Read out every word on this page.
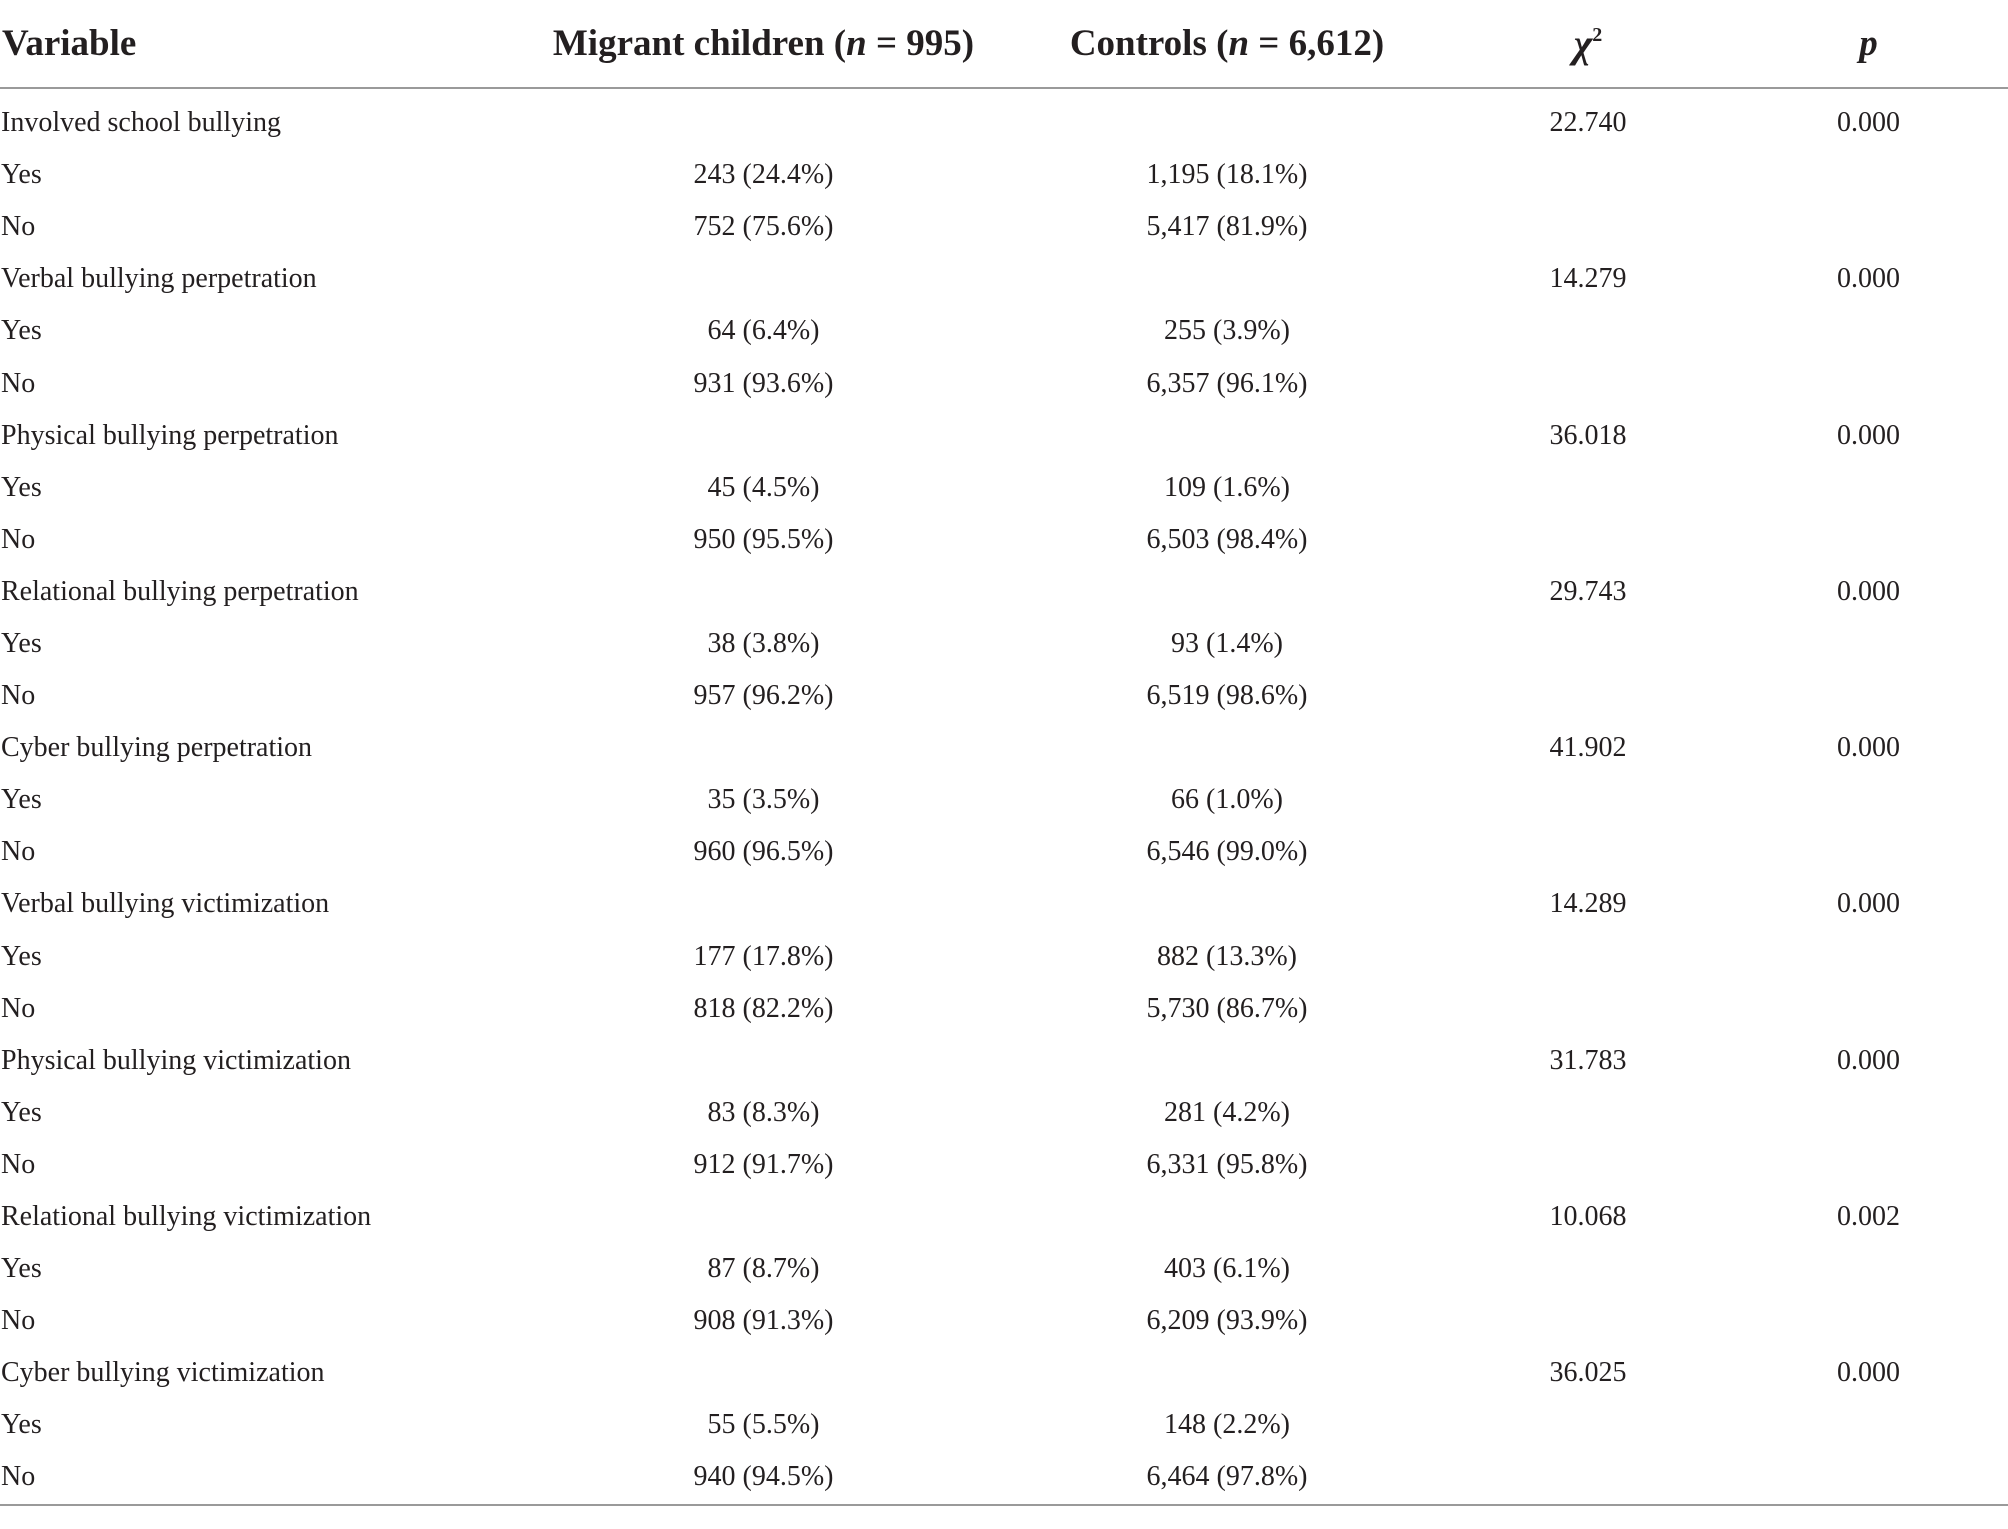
Variable	Migrant children (n = 995)	Controls (n = 6,612)	$\chi^2$	p

Involved school bullying			22.740	0.000
Yes	243 (24.4%)	1,195 (18.1%)		
No	752 (75.6%)	5,417 (81.9%)		
Verbal bullying perpetration			14.279	0.000
Yes	64 (6.4%)	255 (3.9%)		
No	931 (93.6%)	6,357 (96.1%)		
Physical bullying perpetration			36.018	0.000
Yes	45 (4.5%)	109 (1.6%)		
No	950 (95.5%)	6,503 (98.4%)		
Relational bullying perpetration			29.743	0.000
Yes	38 (3.8%)	93 (1.4%)		
No	957 (96.2%)	6,519 (98.6%)		
Cyber bullying perpetration			41.902	0.000
Yes	35 (3.5%)	66 (1.0%)		
No	960 (96.5%)	6,546 (99.0%)		
Verbal bullying victimization			14.289	0.000
Yes	177 (17.8%)	882 (13.3%)		
No	818 (82.2%)	5,730 (86.7%)		
Physical bullying victimization			31.783	0.000
Yes	83 (8.3%)	281 (4.2%)		
No	912 (91.7%)	6,331 (95.8%)		
Relational bullying victimization			10.068	0.002
Yes	87 (8.7%)	403 (6.1%)		
No	908 (91.3%)	6,209 (93.9%)		
Cyber bullying victimization			36.025	0.000
Yes	55 (5.5%)	148 (2.2%)		
No	940 (94.5%)	6,464 (97.8%)		
